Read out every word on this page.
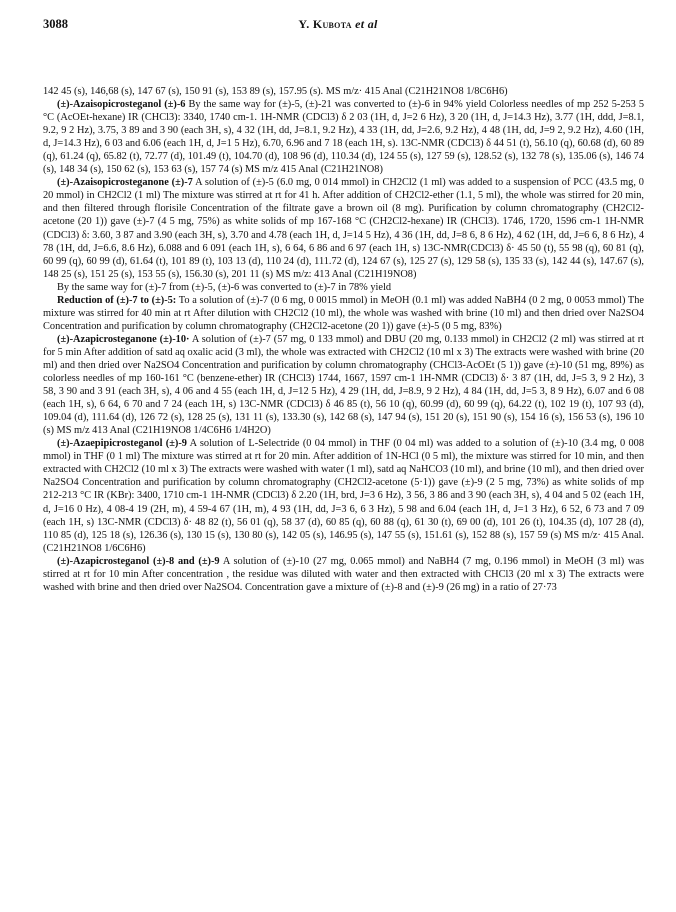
3088	Y. Kubota et al

142 45 (s), 146,68 (s), 147 67 (s), 150 91 (s), 153 89 (s), 157.95 (s). MS m/z· 415 Anal (C21H21NO8 1/8C6H6)

(±)-Azaisopicrosteganol (±)-6 By the same way for (±)-5, (±)-21 was converted to (±)-6 in 94% yield Colorless needles of mp 252 5-253 5 °C (AcOEt-hexane) IR (CHCl3): 3340, 1740 cm-1. 1H-NMR (CDCl3) δ 2 03 (1H, d, J=2 6 Hz), 3 20 (1H, d, J=14.3 Hz), 3.77 (1H, ddd, J=8.1, 9.2, 9 2 Hz), 3.75, 3 89 and 3 90 (each 3H, s), 4 32 (1H, dd, J=8.1, 9.2 Hz), 4 33 (1H, dd, J=2.6, 9.2 Hz), 4 48 (1H, dd, J=9 2, 9.2 Hz), 4.60 (1H, d, J=14.3 Hz), 6 03 and 6.06 (each 1H, d, J=1 5 Hz), 6.70, 6.96 and 7 18 (each 1H, s). 13C-NMR (CDCl3) δ 44 51 (t), 56.10 (q), 60.68 (d), 60 89 (q), 61.24 (q), 65.82 (t), 72.77 (d), 101.49 (t), 104.70 (d), 108 96 (d), 110.34 (d), 124 55 (s), 127 59 (s), 128.52 (s), 132 78 (s), 135.06 (s), 146 74 (s), 148 34 (s), 150 62 (s), 153 63 (s), 157 74 (s) MS m/z 415 Anal (C21H21NO8)

(±)-Azaisopicrosteganone (±)-7 A solution of (±)-5 (6.0 mg, 0 014 mmol) in CH2Cl2 (1 ml) was added to a suspension of PCC (43.5 mg, 0 20 mmol) in CH2Cl2 (1 ml) The mixture was stirred at rt for 41 h. After addition of CH2Cl2-ether (1.1, 5 ml), the whole was stirred for 20 min, and then filtered through florisile Concentration of the filtrate gave a brown oil (8 mg). Purification by column chromatography (CH2Cl2-acetone (20 1)) gave (±)-7 (4 5 mg, 75%) as white solids of mp 167-168 °C (CH2Cl2-hexane) IR (CHCl3). 1746, 1720, 1596 cm-1 1H-NMR (CDCl3) δ: 3.60, 3 87 and 3.90 (each 3H, s), 3.70 and 4.78 (each 1H, d, J=14 5 Hz), 4 36 (1H, dd, J=8 6, 8 6 Hz), 4 62 (1H, dd, J=6 6, 8 6 Hz), 4 78 (1H, dd, J=6.6, 8.6 Hz), 6.088 and 6 091 (each 1H, s), 6 64, 6 86 and 6 97 (each 1H, s) 13C-NMR(CDCl3) δ· 45 50 (t), 55 98 (q), 60 81 (q), 60 99 (q), 60 99 (d), 61.64 (t), 101 89 (t), 103 13 (d), 110 24 (d), 111.72 (d), 124 67 (s), 125 27 (s), 129 58 (s), 135 33 (s), 142 44 (s), 147.67 (s), 148 25 (s), 151 25 (s), 153 55 (s), 156.30 (s), 201 11 (s) MS m/z: 413 Anal (C21H19NO8)

By the same way for (±)-7 from (±)-5, (±)-6 was converted to (±)-7 in 78% yield

Reduction of (±)-7 to (±)-5: To a solution of (±)-7 (0 6 mg, 0 0015 mmol) in MeOH (0.1 ml) was added NaBH4 (0 2 mg, 0 0053 mmol) The mixture was stirred for 40 min at rt After dilution with CH2Cl2 (10 ml), the whole was washed with brine (10 ml) and then dried over Na2SO4 Concentration and purification by column chromatography (CH2Cl2-acetone (20 1)) gave (±)-5 (0 5 mg, 83%)

(±)-Azapicrosteganone (±)-10· A solution of (±)-7 (57 mg, 0 133 mmol) and DBU (20 mg, 0.133 mmol) in CH2Cl2 (2 ml) was stirred at rt for 5 min After addition of satd aq oxalic acid (3 ml), the whole was extracted with CH2Cl2 (10 ml x 3) The extracts were washed with brine (20 ml) and then dried over Na2SO4 Concentration and purification by column chromatography (CHCl3-AcOEt (5 1)) gave (±)-10 (51 mg, 89%) as colorless needles of mp 160-161 °C (benzene-ether) IR (CHCl3) 1744, 1667, 1597 cm-1 1H-NMR (CDCl3) δ· 3 87 (1H, dd, J=5 3, 9 2 Hz), 3 58, 3 90 and 3 91 (each 3H, s), 4 06 and 4 55 (each 1H, d, J=12 5 Hz), 4 29 (1H, dd, J=8.9, 9 2 Hz), 4 84 (1H, dd, J=5 3, 8 9 Hz), 6.07 and 6 08 (each 1H, s), 6 64, 6 70 and 7 24 (each 1H, s) 13C-NMR (CDCl3) δ 46 85 (t), 56 10 (q), 60.99 (d), 60 99 (q), 64.22 (t), 102 19 (t), 107 93 (d), 109.04 (d), 111.64 (d), 126 72 (s), 128 25 (s), 131 11 (s), 133.30 (s), 142 68 (s), 147 94 (s), 151 20 (s), 151 90 (s), 154 16 (s), 156 53 (s), 196 10 (s) MS m/z 413 Anal (C21H19NO8 1/4C6H6 1/4H2O)

(±)-Azaepipicrosteganol (±)-9 A solution of L-Selectride (0 04 mmol) in THF (0 04 ml) was added to a solution of (±)-10 (3.4 mg, 0 008 mmol) in THF (0 1 ml) The mixture was stirred at rt for 20 min. After addition of 1N-HCl (0 5 ml), the mixture was stirred for 10 min, and then extracted with CH2Cl2 (10 ml x 3) The extracts were washed with water (1 ml), satd aq NaHCO3 (10 ml), and brine (10 ml), and then dried over Na2SO4 Concentration and purification by column chromatography (CH2Cl2-acetone (5·1)) gave (±)-9 (2 5 mg, 73%) as white solids of mp 212-213 °C IR (KBr): 3400, 1710 cm-1 1H-NMR (CDCl3) δ 2.20 (1H, brd, J=3 6 Hz), 3 56, 3 86 and 3 90 (each 3H, s), 4 04 and 5 02 (each 1H, d, J=16 0 Hz), 4 08-4 19 (2H, m), 4 59-4 67 (1H, m), 4 93 (1H, dd, J=3 6, 6 3 Hz), 5 98 and 6.04 (each 1H, d, J=1 3 Hz), 6 52, 6 73 and 7 09 (each 1H, s) 13C-NMR (CDCl3) δ· 48 82 (t), 56 01 (q), 58 37 (d), 60 85 (q), 60 88 (q), 61 30 (t), 69 00 (d), 101 26 (t), 104.35 (d), 107 28 (d), 110 85 (d), 125 18 (s), 126.36 (s), 130 15 (s), 130 80 (s), 142 05 (s), 146.95 (s), 147 55 (s), 151.61 (s), 152 88 (s), 157 59 (s) MS m/z· 415 Anal. (C21H21NO8 1/6C6H6)

(±)-Azapicrosteganol (±)-8 and (±)-9 A solution of (±)-10 (27 mg, 0.065 mmol) and NaBH4 (7 mg, 0.196 mmol) in MeOH (3 ml) was stirred at rt for 10 min After concentration , the residue was diluted with water and then extracted with CHCl3 (20 ml x 3) The extracts were washed with brine and then dried over Na2SO4. Concentration gave a mixture of (±)-8 and (±)-9 (26 mg) in a ratio of 27·73
